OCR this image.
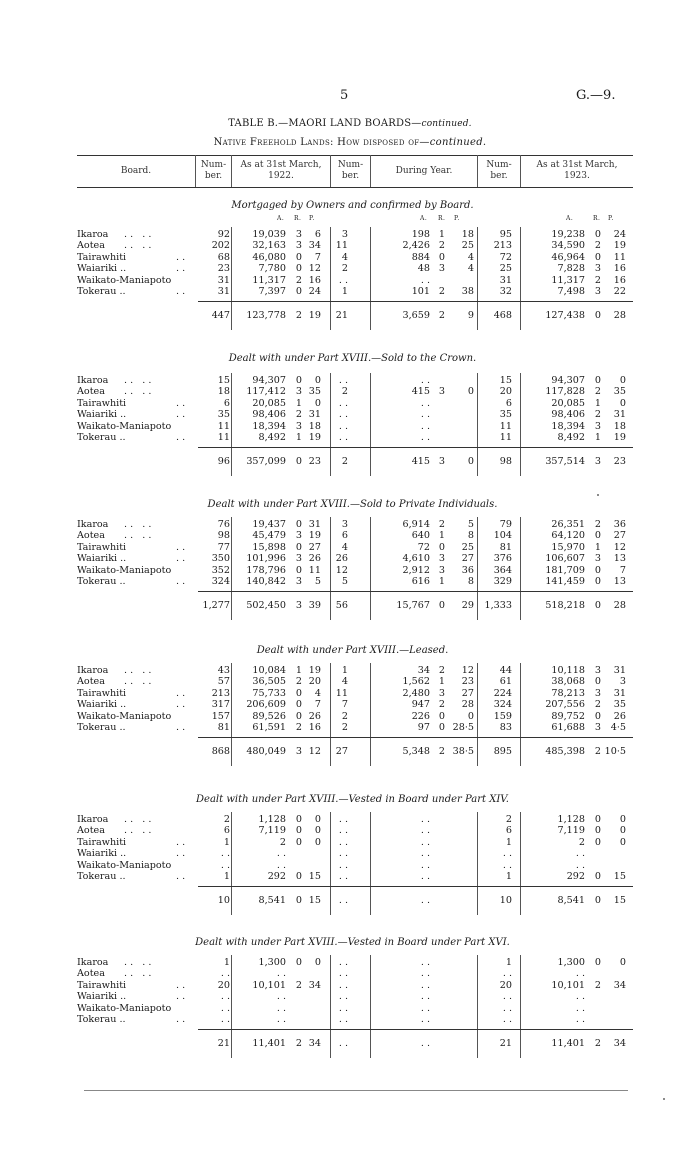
5	G.—9.
TABLE B.—MAORI LAND BOARDS—continued.
Native Freehold Lands: How disposed of—continued.
Board.
Num-
ber.
As at 31st March,
1922.
Num-
ber.	During Year.
Num-
ber.
As at 31st March,
1923.
A. R. P.	A. R. P.	A.	R. P.
Mortgaged by Owners and confirmed by Board.
Ikaroa . .   . .	92	19,039	3	6	3	198 1	18	95	19,238	0	24
Aotea . .   . .	202	32,163	3 34	11	2,426 2	25	213	34,590	2	19
Tairawhiti	. .	68	46,080	0	7	4	884 0	4	72	46,964	0	11
Waiariki ..	. .	23	7,780	0 12	2	48 3	4	25	7,828	3	16
Waikato-Maniapoto	31	11,317	2 16	. .	. .	31	11,317	2	16
Tokerau ..	. .	31	7,397	0 24	1	101 2	38	32	7,498	3	22
447	123,778	2 19	21	3,659 2	9	468	127,438	0	28
Dealt with under Part XVIII.—Sold to the Crown.
Ikaroa . .   . .	15	94,307	0	0	. .	. .	15	94,307	0	0
Aotea . .   . .	18	117,412	3 35	2	415 3	0	20	117,828	2	35
Tairawhiti	. .	6	20,085	1	0	. .	. .	6	20,085	1	0
Waiariki ..	. .	35	98,406	2 31	. .	. .	35	98,406	2	31
Waikato-Maniapoto	11	18,394	3 18	. .	. .	11	18,394	3	18
Tokerau ..	. .	11	8,492	1 19	. .	. .	11	8,492	1	19
96	357,099	0 23	2	415 3	0	98	357,514	3	23
Dealt with under Part XVIII.—Sold to Private Individuals.
Ikaroa . .   . .	76	19,437	0 31	3	6,914 2	5	79	26,351	2	36
Aotea . .   . .	98	45,479	3 19	6	640 1	8	104	64,120	0	27
Tairawhiti	. .	77	15,898	0 27	4	72 0	25	81	15,970	1	12
Waiariki ..	. .	350	101,996	3 26	26	4,610 3	27	376	106,607	3	13
Waikato-Maniapoto	352	178,796	0 11	12	2,912 3	36	364	181,709	0	7
Tokerau ..	. .	324	140,842	3	5	5	616 1	8	329	141,459	0	13
1,277	502,450	3 39	56	15,767 0	29	1,333	518,218	0	28
Dealt with under Part XVIII.—Leased.
Ikaroa . .   . .	43	10,084	1 19	1	34 2	12	44	10,118	3	31
Aotea . .   . .	57	36,505	2 20	4	1,562 1	23	61	38,068	0	3
Tairawhiti	. .	213	75,733	0	4	11	2,480 3	27	224	78,213	3	31
Waiariki ..	. .	317	206,609	0	7	7	947 2	28	324	207,556	2	35
Waikato-Maniapoto	157	89,526	0 26	2	226 0	0	159	89,752	0	26
Tokerau ..	. .	81	61,591	2 16	2	97 0 28·5	83	61,688	3	4·5
868	480,049	3 12	27	5,348 2 38·5	895	485,398	2 10·5
Dealt with under Part XVIII.—Vested in Board under Part XIV.
Ikaroa . .   . .	2	1,128	0	0	. .	. .	2	1,128	0	0
Aotea . .   . .	6	7,119	0	0	. .	. .	6	7,119	0	0
Tairawhiti	. .	1	2	0	0	. .	. .	1	2	0	0
Waiariki ..	. .	. .	. .	. .	. .	. .	. .
Waikato-Maniapoto	. .	. .	. .	. .	. .	. .
Tokerau ..	. .	1	292	0 15	. .	. .	1	292	0	15
10	8,541	0 15	. .	. .	10	8,541	0	15
Dealt with under Part XVIII.—Vested in Board under Part XVI.
Ikaroa . .   . .	1	1,300	0	0	. .	. .	1	1,300	0	0
Aotea . .   . .	. .	. .	. .	. .	. .	. .
Tairawhiti	. .	20	10,101	2 34	. .	. .	20	10,101	2	34
Waiariki ..	. .	. .	. .	. .	. .	. .	. .
Waikato-Maniapoto	. .	. .	. .	. .	. .	. .
Tokerau ..	. .	. .	. .	. .	. .	. .	. .
21	11,401	2 34	. .	. .	21	11,401	2	34
